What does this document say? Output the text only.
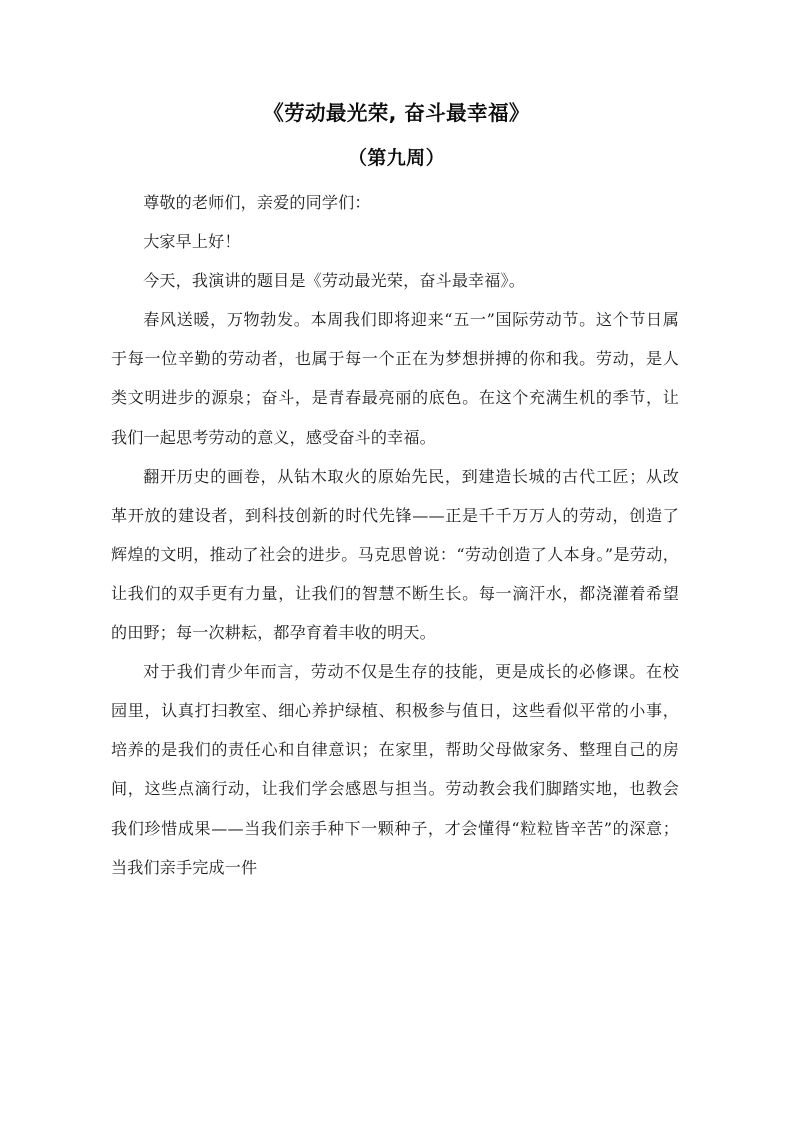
《劳动最光荣, 奋斗最幸福》
（第九周）

尊敬的老师们，亲爱的同学们：

大家早上好！

今天，我演讲的题目是《劳动最光荣，奋斗最幸福》。

春风送暖，万物勃发。本周我们即将迎来“五一”国际劳动节。这个节日属于每一位辛勤的劳动者，也属于每一个正在为梦想拼搏的你和我。劳动，是人类文明进步的源泉；奋斗，是青春最亮丽的底色。在这个充满生机的季节，让我们一起思考劳动的意义，感受奋斗的幸福。

翻开历史的画卷，从钻木取火的原始先民，到建造长城的古代工匠；从改革开放的建设者，到科技创新的时代先锋——正是千千万万人的劳动，创造了辉煌的文明，推动了社会的进步。马克思曾说：“劳动创造了人本身。”是劳动，让我们的双手更有力量，让我们的智慧不断生长。每一滴汗水，都浇灌着希望的田野；每一次耕耘，都孕育着丰收的明天。

对于我们青少年而言，劳动不仅是生存的技能，更是成长的必修课。在校园里，认真打扫教室、细心养护绿植、积极参与值日，这些看似平常的小事，培养的是我们的责任心和自律意识；在家里，帮助父母做家务、整理自己的房间，这些点滴行动，让我们学会感恩与担当。劳动教会我们脚踏实地，也教会我们珍惜成果——当我们亲手种下一颗种子，才会懂得“粒粒皆辛苦”的深意；当我们亲手完成一件
